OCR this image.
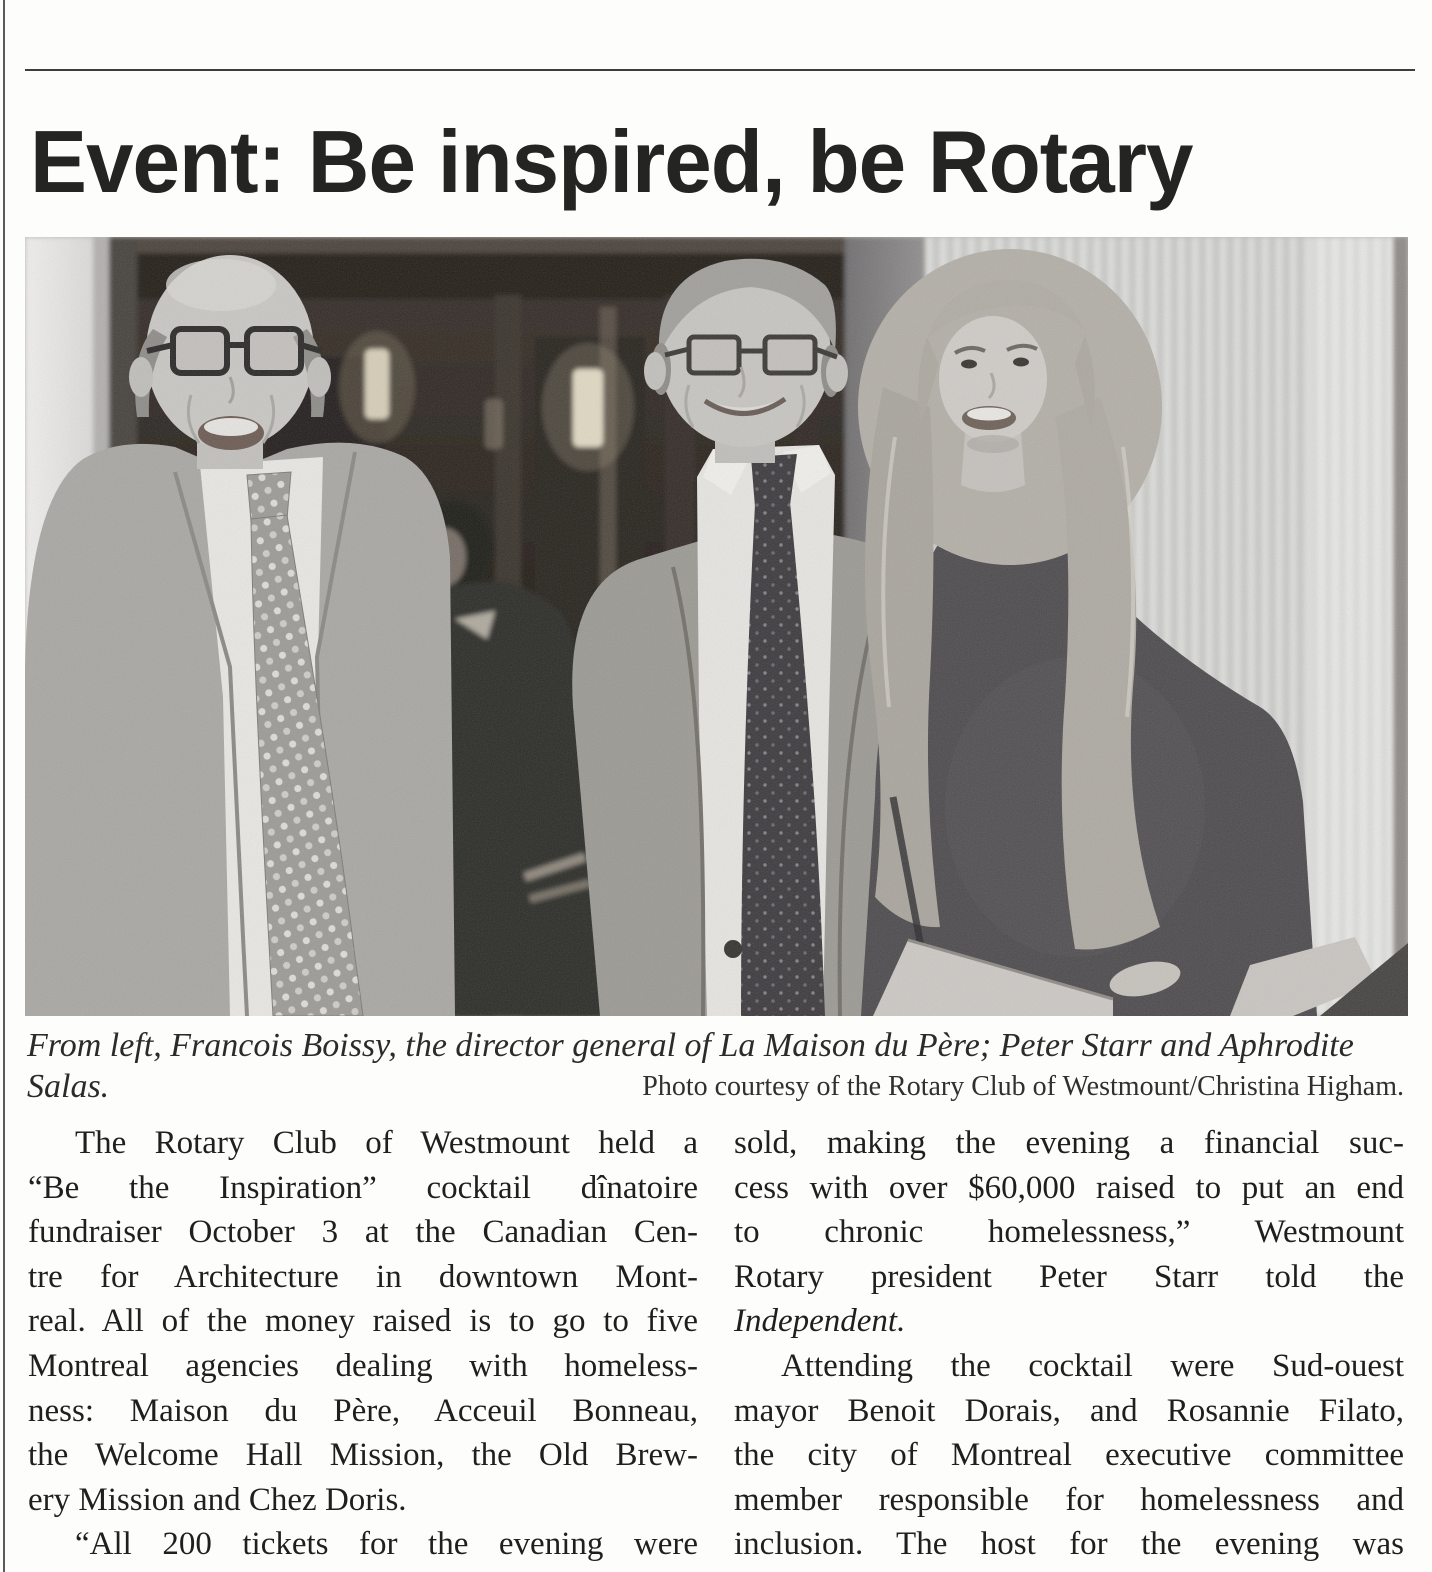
Event: Be inspired, be Rotary
From left, Francois Boissy, the director general of La Maison du Père; Peter Starr and Aphrodite Salas.	Photo courtesy of the Rotary Club of Westmount/Christina Higham.
The Rotary Club of Westmount held a
“Be the Inspiration” cocktail dînatoire
fundraiser October 3 at the Canadian Cen-
tre for Architecture in downtown Mont-
real. All of the money raised is to go to five
Montreal agencies dealing with homeless-
ness: Maison du Père, Acceuil Bonneau,
the Welcome Hall Mission, the Old Brew-
ery Mission and Chez Doris.
“All 200 tickets for the evening were
sold, making the evening a financial suc-
cess with over $60,000 raised to put an end
to chronic homelessness,” Westmount
Rotary president Peter Starr told the
Independent.
Attending the cocktail were Sud-ouest
mayor Benoit Dorais, and Rosannie Filato,
the city of Montreal executive committee
member responsible for homelessness and
inclusion. The host for the evening was
